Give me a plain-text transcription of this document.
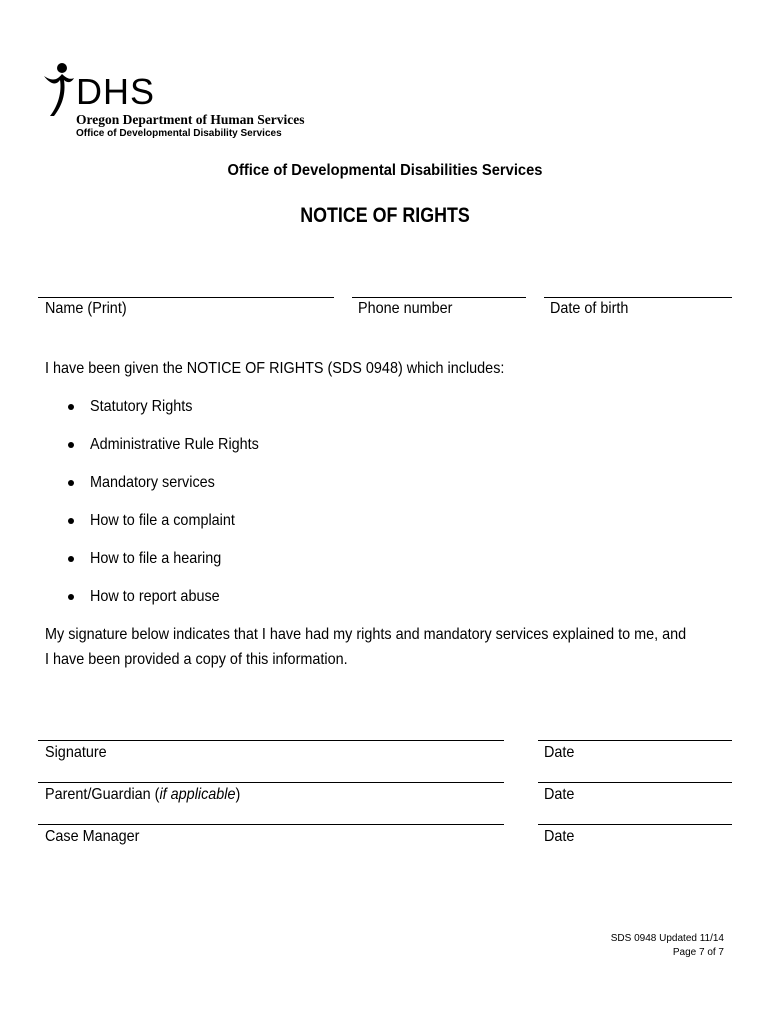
DHS
Oregon Department of Human Services
Office of Developmental Disability Services
Office of Developmental Disabilities Services
NOTICE OF RIGHTS
Name (Print)	Phone number	Date of birth
I have been given the NOTICE OF RIGHTS (SDS 0948) which includes:
Statutory Rights
Administrative Rule Rights
Mandatory services
How to file a complaint
How to file a hearing
How to report abuse
My signature below indicates that I have had my rights and mandatory services explained to me, and I have been provided a copy of this information.
Signature	Date
Parent/Guardian (if applicable)	Date
Case Manager	Date
SDS 0948 Updated 11/14
Page 7 of 7
